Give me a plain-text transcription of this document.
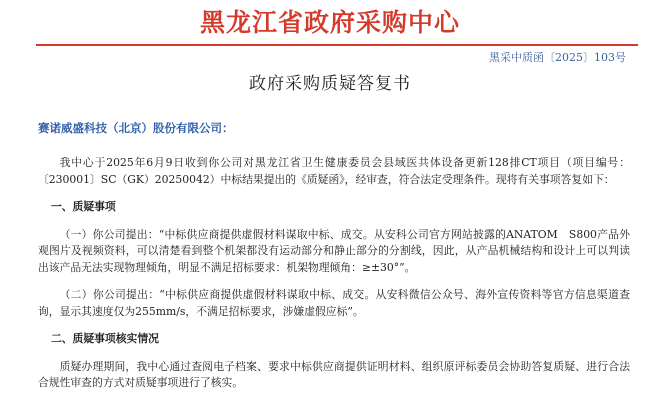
黑龙江省政府采购中心
黑采中质函〔2025〕103号
政府采购质疑答复书
赛诺威盛科技（北京）股份有限公司：

我中心于2025年6月9日收到你公司对黑龙江省卫生健康委员会县域医共体设备更新128排CT项目（项目编号：〔230001〕SC（GK）20250042）中标结果提出的《质疑函》，经审查，符合法定受理条件。现将有关事项答复如下：

一、质疑事项

（一）你公司提出：“中标供应商提供虚假材料谋取中标、成交。从安科公司官方网站披露的ANATOM　S800产品外观图片及视频资料，可以清楚看到整个机架都没有运动部分和静止部分的分割线，因此，从产品机械结构和设计上可以判读出该产品无法实现物理倾角，明显不满足招标要求：机架物理倾角：≥±30°”。

（二）你公司提出：“中标供应商提供虚假材料谋取中标、成交。从安科微信公众号、海外宣传资料等官方信息渠道查询，显示其速度仅为255mm/s，不满足招标要求，涉嫌虚假应标”。

二、质疑事项核实情况

质疑办理期间，我中心通过查阅电子档案、要求中标供应商提供证明材料、组织原评标委员会协助答复质疑、进行合法合规性审查的方式对质疑事项进行了核实。
